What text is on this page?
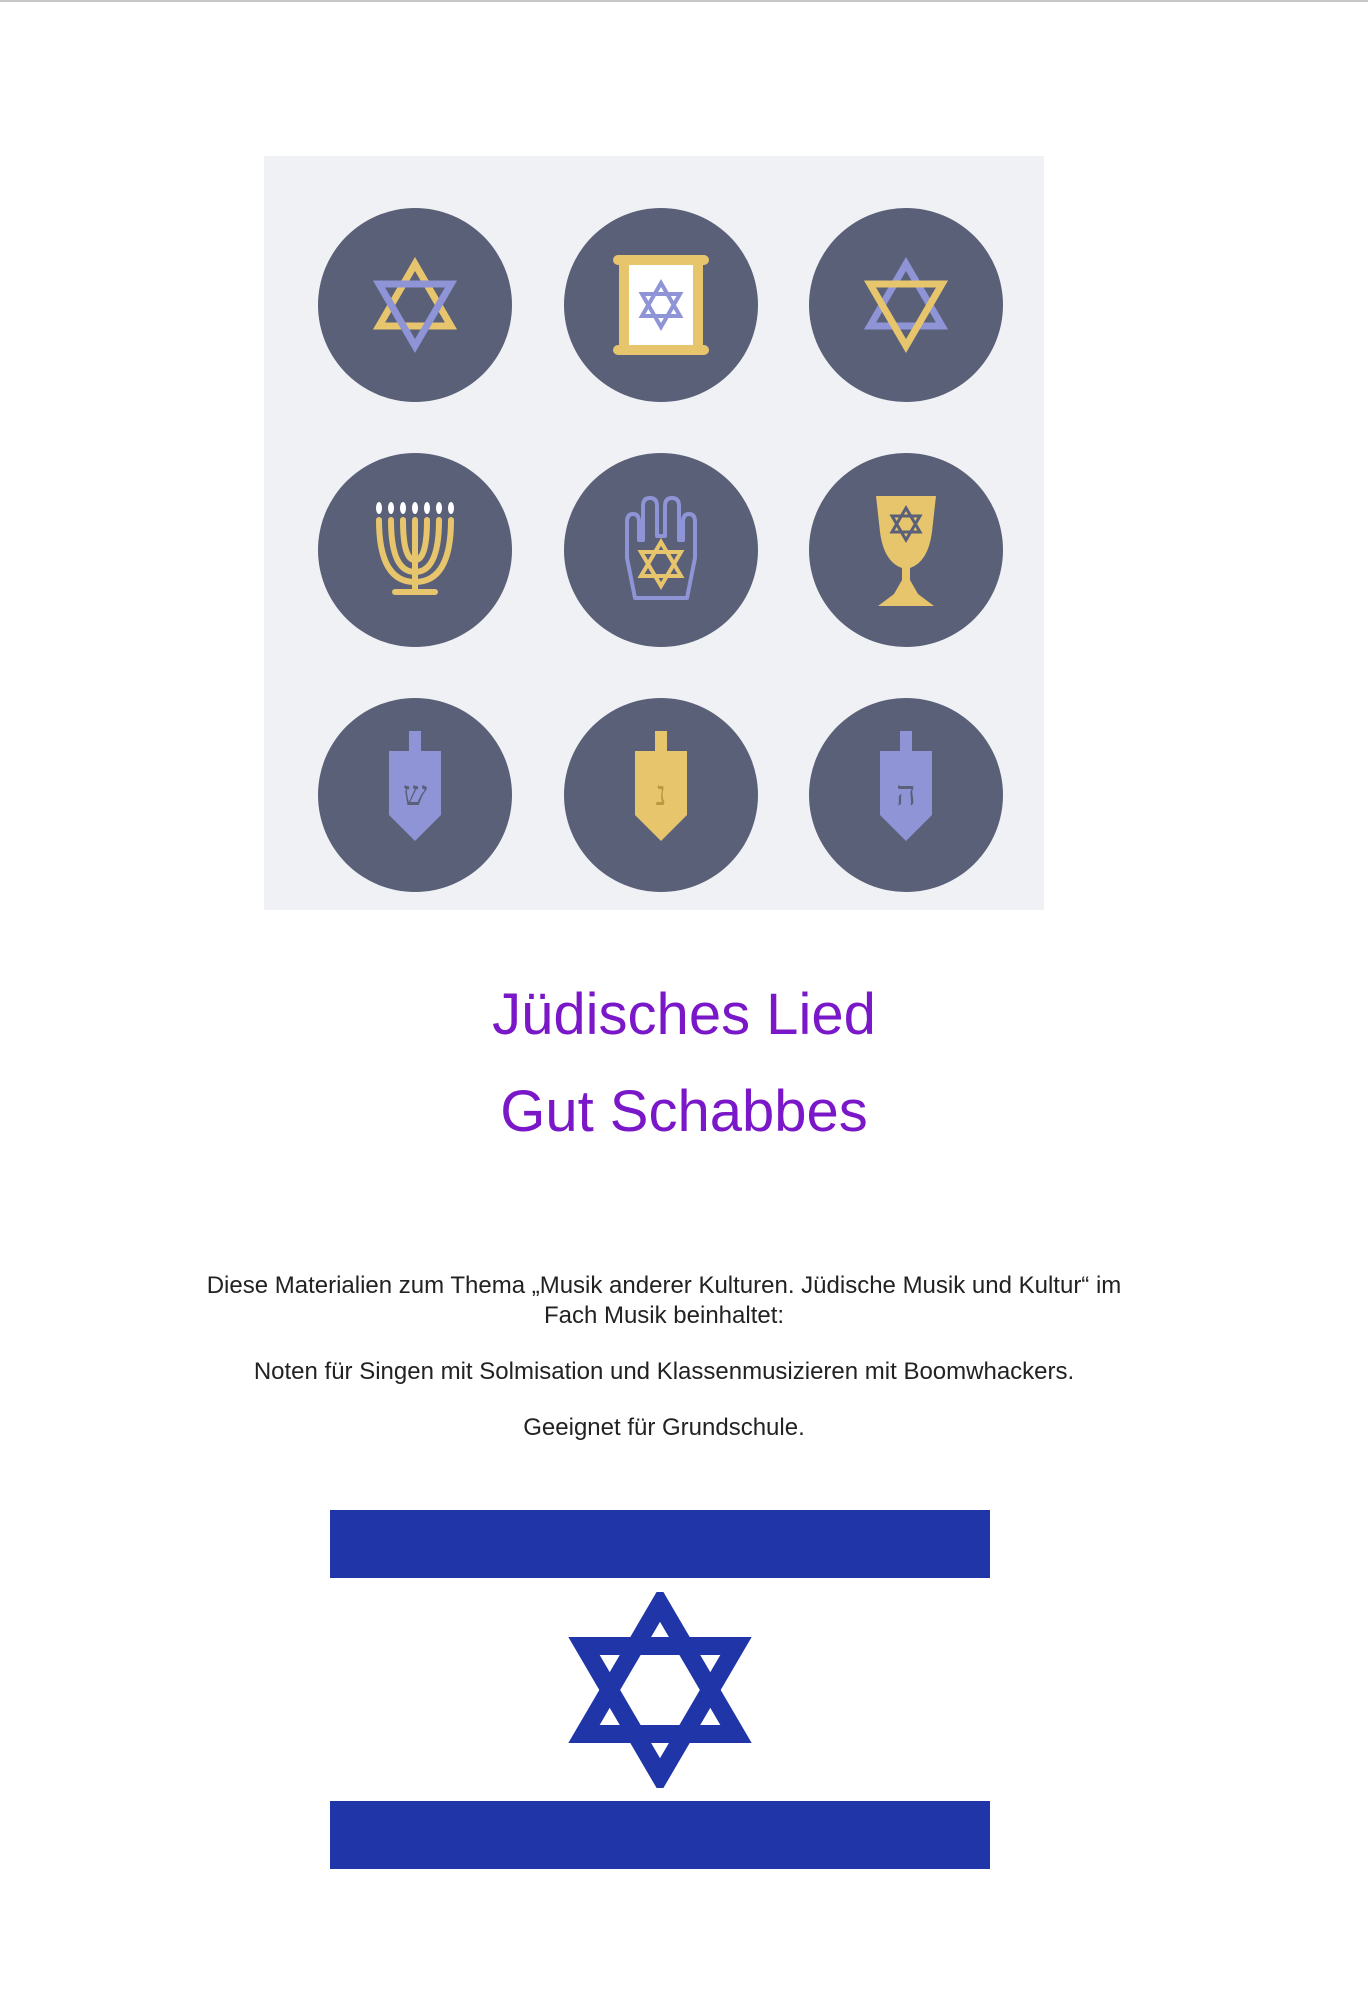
ש	נ	ה
Jüdisches Lied
Gut Schabbes
Diese Materialien zum Thema „Musik anderer Kulturen. Jüdische Musik und Kultur“ im Fach Musik beinhaltet:
Noten für Singen mit Solmisation und Klassenmusizieren mit Boomwhackers.
Geeignet für Grundschule.
